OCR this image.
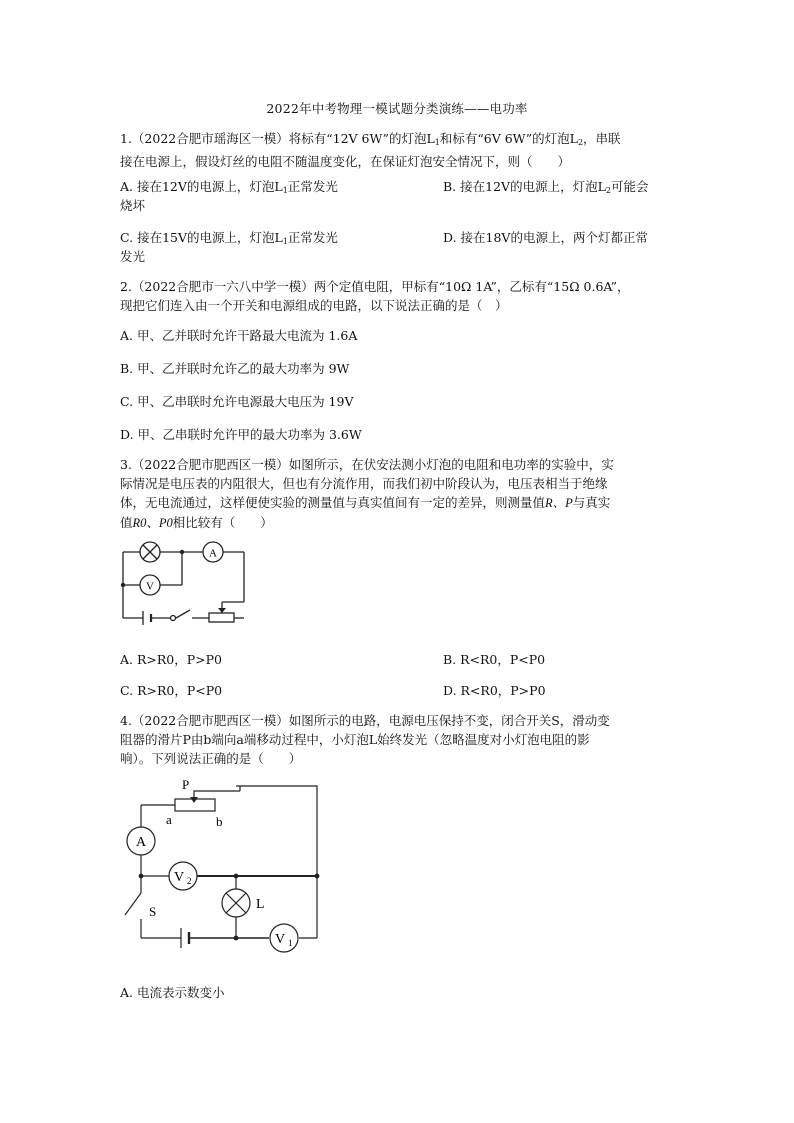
2022年中考物理一模试题分类演练——电功率
1.（2022合肥市瑶海区一模）将标有“12V 6W”的灯泡$L_1$和标有“6V 6W”的灯泡$L_2$，串联
接在电源上，假设灯丝的电阻不随温度变化，在保证灯泡安全情况下，则（　　）
A. 接在12V的电源上，灯泡$L_1$正常发光	B. 接在12V的电源上，灯泡$L_2$可能会
烧坏
C. 接在15V的电源上，灯泡$L_1$正常发光	D. 接在18V的电源上，两个灯都正常
发光
2.（2022合肥市一六八中学一模）两个定值电阻，甲标有“10Ω 1A”，乙标有“15Ω 0.6A”，
现把它们连入由一个开关和电源组成的电路，以下说法正确的是（　）
A. 甲、乙并联时允许干路最大电流为 1.6A
B. 甲、乙并联时允许乙的最大功率为 9W
C. 甲、乙串联时允许电源最大电压为 19V
D. 甲、乙串联时允许甲的最大功率为 3.6W
3.（2022合肥市肥西区一模）如图所示，在伏安法测小灯泡的电阻和电功率的实验中，实
际情况是电压表的内阻很大，但也有分流作用，而我们初中阶段认为，电压表相当于绝缘
体，无电流通过，这样便使实验的测量值与真实值间有一定的差异，则测量值R、P与真实
值R0、P0相比较有（　　）
A
V
A. R>R0，P>P0	B. R<R0，P<P0
C. R>R0，P<P0	D. R<R0，P>P0
4.（2022合肥市肥西区一模）如图所示的电路，电源电压保持不变，闭合开关S，滑动变
阻器的滑片P由b端向a端移动过程中，小灯泡L始终发光（忽略温度对小灯泡电阻的影
响）。下列说法正确的是（　　）
P
a	b
A
V 2
L
V 1
S
A. 电流表示数变小
